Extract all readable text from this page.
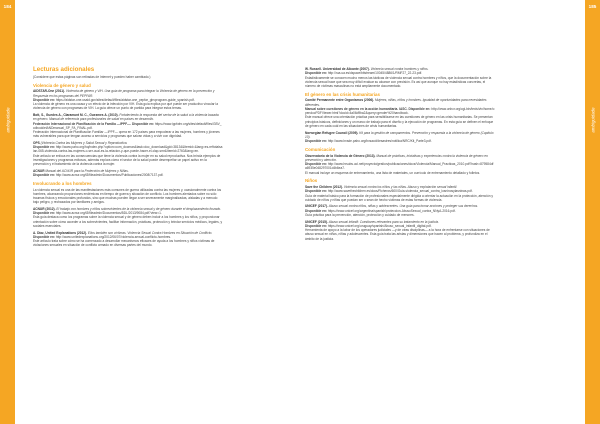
184
ambiguidade
Lecturas adicionales
(Considere que estas páginas son retiradas de Internet y pueden haber cambiado.)
Violencia de género y salud
AIDSTAR-One (2011). Violencia de género y VIH. Una guía de programa para integrar la Violencia de género en la prevención y Respuesta en los programas del PEPFAR.
Disponible en: https://aidstar-one.usaid.gov/sites/default/files/aidstar-one_pepfar_gbvprogram-guide_spanish.pdf.
La violencia de género es una causa y un efecto de la infección por VIH. Esta guía explica por qué puede ser productivo vincular la violencia de género con programas de VIH. La guía ofrece un punto de partida para integrar estos temas.
Bott, S., Guedes A., Claramunt M. C., Guezmes A. (2010). Fortaleciendo la respuesta del sector de la salud a la violencia basada en género. Manual de referencia para profesionales de salud en países en desarrollo.
Federación Internacional de Planificación de la Familia —IPPF—. Disponible en: https://www.ippfwhr.org/sites/default/files/GBV_cdbookletANDmanual_SP_FA_FINAL.pdf.
Federación Internacional de Planificación Familiar —IPPF— opera en 172 países para empoderar a las mujeres, hombres y jóvenes más vulnerables para que tengan acceso a servicios y programas que salvan vidas y a vivir con dignidad.
OPS (Violencia Contra las Mujeres y Salud Sexual y Reproductiva.
Disponible en: http://www.paho.org/hq/index.php?option=com_docman&task=doc_download&gid=38134&Itemid=&lang=es-reftotalsalan-065-violencia-contra-las-mujeres-o-ser-cual-es-la-relacion-y-que-puede-hacer-el-clap-smr&Itemid=2760&lang=en.
Este artículo se enfoca en las consecuencias que tiene la violencia contra la mujer en su salud reproductiva. Nos brinda ejemplos de investigaciones y programas exitosos, además explora cómo el sector de la salud puede desempeñar un papel activo en la prevención y el tratamiento de la violencia contra la mujer.
ACNUR Manual del ACNUR para la Protección de Mujeres y Niñas.
Disponible en: http://www.acnur.org/t3/fileadmin/Documentos/Publicaciones/2008/7137.pdf.
Involucrando a los hombres
La violencia sexual es una de las manifestaciones más comunes de guerra utilizadas contra las mujeres y, ocasionalmente contra los hombres, alcanzando proporciones endémicas en tiempo de guerra y situación de conflicto. Los hombres alentados sobre no sólo traumas físicos y emocionales profundos, sino que muchas pueden llegar a ser severamente marginalizadas, aisladas y a menudo bajo peligro, y rechazados por familiares y amigos.
ACNUR (2012). El trabajo con hombres y niños sobrevivientes de la violencia sexual y de género durante el desplazamiento forzado.
Disponible en: http://www.acnur.org/t3/fileadmin/Documentos/BDL/2013/9084.pdf?view=1.
Esta guía destaca como los programas sobre la violencia sexual y de género deben incluir a los hombres y los niños, y proporcionar orientación sobre cómo acceder a los sobrevivientes, facilitar información, prácticas, protección y brindar servicios médicos, legales, y sociales esenciales.
A. Díaz, United Explanations (2012). Ellos también son víctimas. Violencia Sexual Contra Hombres en Situación de Conflicto.
Disponible en: http://www.unitedexplanations.org/2012/06/07/violencia-sexual-conflicto-hombres.
Este artículo trata sobre cómo se ha comenzado a desarrollar mecanismos eficaces de ayuda a los hombres y niños víctimas de violaciones sexuales en situación de conflicto armado en diversas partes del mundo.
185
ambiguidade
W. Russell. Universidad de Alicante (2007). Violencia sexual contra hombres y niños.
Disponible en: http://rua.ua.es/dspace/bitstream/10045/4886/1/RMF27_22-23.pdf.
Estadísticamente se conocen mucho menos las tácticas de violencia sexual contra hombres y niños, que la documentación sobre la violencia sexual hace que sea muy difícil evaluar su alcance con precisión. Es así que aunque no hay estadísticas concretas, el número de víctimas masculinas no está ampliamente documentado.
El género en las crisis humanitarias
Comité Permanente entre Organismos (2006). Mujeres, niñas, niños y hombres. Igualdad de oportunidades para necesidades diferentes.
Manual sobre cuestiones de género en la acción humanitaria. IASC. Disponible en: http://www.unhcr.org/cgi-bin/texis/vtx/home/opendocPDFViewer.html?docid=4a06d9ba2&query=gender%20handbook.
Este manual ofrece una orientación práctica para sensibilizarse en las cuestiones de género en las crisis humanitarias. Se presentan principios básicos, definiciones y un marco de trabajo para el diseño y la ejecución de programas. En esta guía se definen el enfoque de género en cada cuál en las situaciones de crisis humanitarias.
Norwegian Refugee Council (2009). Kit para la gestión de campamentos. Prevención y respuesta a la violencia de género (Capítulo 10).
Disponible en: http://www.bvsde.paho.org/bvsacd/desastres/notilica/NRC/Kit_Parte3.pdf.
Comunicación
Observatorio de la Violencia de Género (2013). Manual de prácticas, iniciativas y experiencias contra la violencia de género en prevención y atención.
Disponible en: http://www.hrsubs.ucl.net/proyecto/gestion/publicaciones/docs/Violencia/Manual_Practicas_2010.pdf?hash=879584dfa6935e048297001d4b6ea7.
El manual incluye un esquema de entrenamiento, una lista de materiales, un currículo de entrenamiento detallado y folletos.
Niños
Save the Children (2012). Violencia sexual contra los niños y las niñas. Abuso y explotación sexual infantil.
Disponible en: http://www.savethechildren.es/docs/Ficheros/600/Guia-violencia_sexual_contra_losninosylasninas.pdf.
Guía de material básico para la formación de profesionales especialmente dirigida a orientar la actuación en la protección, atención y cuidado de niños y niñas que puedan ser o sean de hecho víctimas de estas formas de violencia.
UNICEF (2017). Abuso sexual contra niños, niñas y adolescentes. Una guía para tomar acciones y proteger sus derechos.
Disponible en: https://www.unicef.org/argentina/spanish/proteccion-AbusoSexual_contra_NNyA-2016.pdf.
Guía práctica para la prevención, atención, protección y cuidado de menores.
UNICEF (2015). Abuso sexual infantil: Cuestiones relevantes para su tratamiento en la justicia.
Disponible en: https://www.unicef.org/uruguay/spanish/Abuso_sexual_infantil_digital.pdf.
Herramienta de apoyo a la labor de los operadores judiciales —y de otras disciplinas— a la hora de enfrentarse con situaciones de abuso sexual en niños, niñas y adolescentes. Esta guía trata las aristas y dimensiones que hacen al problema, y profundiza en el ámbito de la justicia.
